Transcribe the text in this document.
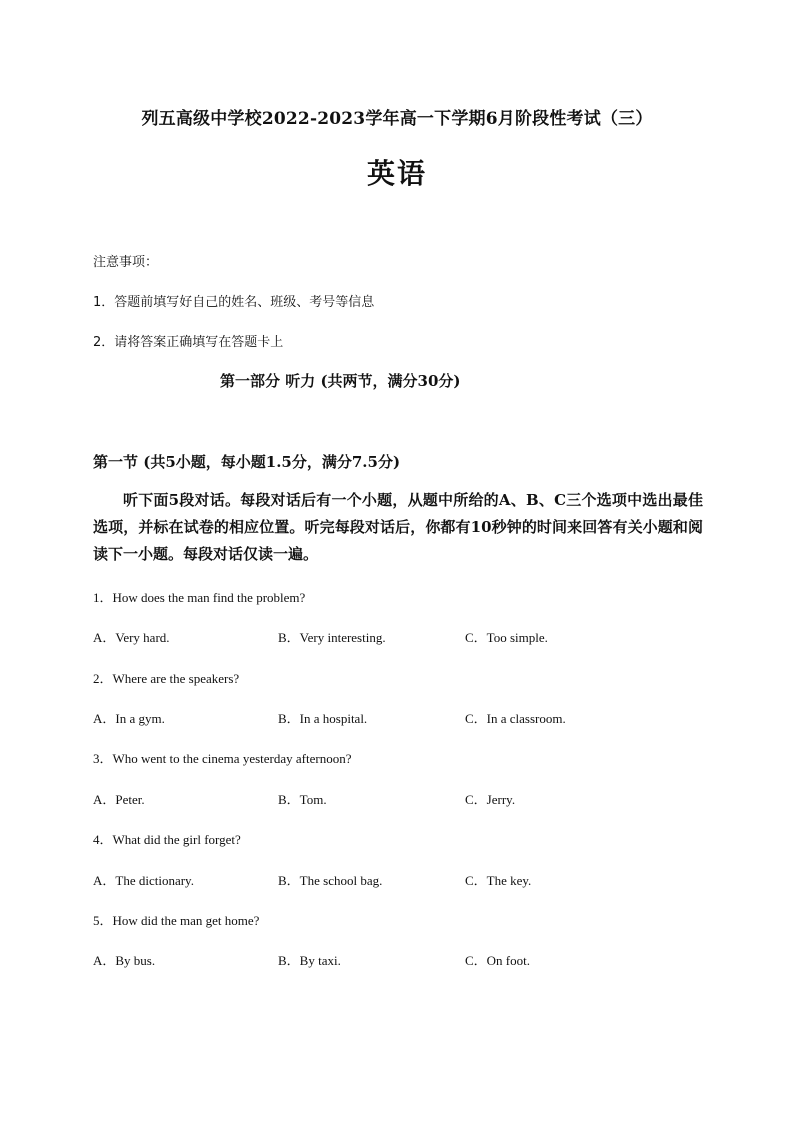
列五高级中学校2022-2023学年高一下学期6月阶段性考试（三）
英语
注意事项：
1．答题前填写好自己的姓名、班级、考号等信息
2．请将答案正确填写在答题卡上
第一部分 听力 (共两节，满分30分)
第一节 (共5小题，每小题1.5分，满分7.5分)
听下面5段对话。每段对话后有一个小题，从题中所给的A、B、C三个选项中选出最佳选项，并标在试卷的相应位置。听完每段对话后，你都有10秒钟的时间来回答有关小题和阅读下一小题。每段对话仅读一遍。
1．How does the man find the problem?
A．Very hard.	B．Very interesting.	C．Too simple.
2．Where are the speakers?
A．In a gym.	B．In a hospital.	C．In a classroom.
3．Who went to the cinema yesterday afternoon?
A．Peter.	B．Tom.	C．Jerry.
4．What did the girl forget?
A．The dictionary.	B．The school bag.	C．The key.
5．How did the man get home?
A．By bus.	B．By taxi.	C．On foot.
